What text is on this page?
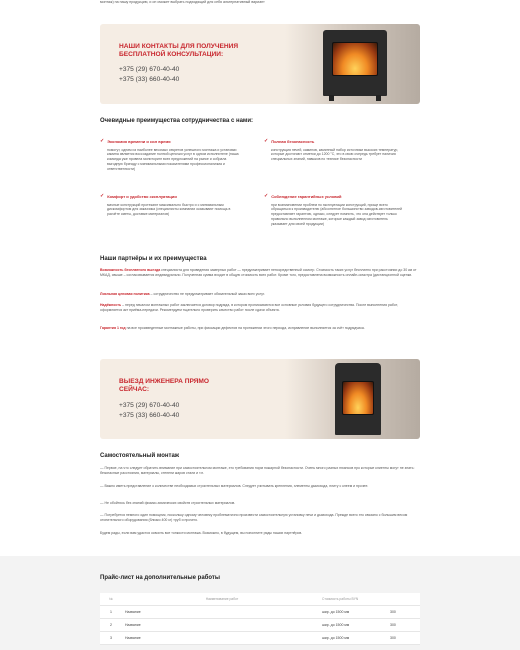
монтаж) на нашу продукцию, и он сможет выбрать подходящий для себя альтернативный вариант
НАШИ КОНТАКТЫ ДЛЯ ПОЛУЧЕНИЯ БЕСПЛАТНОЙ КОНСУЛЬТАЦИИ:
+375 (29) 670-40-40
+375 (33) 660-40-40
Очевидные преимущества сотрудничества с нами:
✓ Экономия времени и сил время
помогут, одним из наиболее весомых секретов успешного монтажа и установки камина является воссоздание полной цепочки услуг в одном исполнителе (наша команда уже провела мониторинг всех предложений на рынке и собрала выгодную бригаду с минимальными показателями профессионализма и ответственности)
✓ Полная безопасность
конструкция печей, каминов, каминный набор источники высоких температур, которые достигают отметки до 1200 °С, это в свою очередь требует наличия специальных знаний, навыков по технике безопасности
✓ Комфорт и удобство эксплуатации
мачные конструкций протекают максимально быстро и с минимальным дискомфортом для заказчика (специалисты компании оказывают помощь в расчёте сметы, доставке материалов)
✓ Соблюдение гарантийных условий
при возникновении проблем по эксплуатации конструкций, проще всего обращаться к производителю (абсолютное большинство заводов-изготовителей предоставляет гарантию, однако, следует помнить, что она действует только правильно выполненном монтаже, которые каждый завод изготовитель указывает для своей продукции)
Наши партнёры и их преимущества
Возможность бесплатного выезда специалиста для проведения замерных работ — предусматривает непосредственный осмотр. Стоимость таких услуг бесплатно при расстоянии до 30 км от МКАД, свыше – согласовывается индивидуально. Полученная сумма входит в общую стоимость всех работ. Кроме того, предоставлена возможность онлайн-осмотра (дистанционной оценки.
Лояльная ценовая политика – сотрудничество не предусматривает обязательный заказ всех услуг.
Надёжность – перед началом монтажных работ заключается договор подряда, в котором прописываются все основные условия будущего сотрудничества. После выполнения работ, оформляется акт приёма-передачи. Рекомендуем тщательно проверить качество работ после сдачи объекта.
Гарантия 1 год на все произведенные монтажные работы, при фиксации дефектов на протяжении этого периода, исправление выполняется за счёт подрядчика.
ВЫЕЗД ИНЖЕНЕРА ПРЯМО СЕЙЧАС:
+375 (29) 670-40-40
+375 (33) 660-40-40
Самостоятельный монтаж
— Первое, на что следует обратить внимание при самостоятельном монтаже, это требования норм пожарной безопасности. Очень много разных нюансов про которые клиенты могут не знать: безопасные расстояния, материалы, степени жаров стали и т.п.
— Важно иметь представление о количестве необходимых строительных материалов. Следует учитывать крепления, элементы дымохода, плиту с клеем и прочее.
— Не обойтись без знаний физико-химических свойств строительных материалов.
— Потребуется немного один помощник, поскольку одному человеку проблематично произвести самостоятельную установку печи и дымохода. Прежде всего это связано с большим весом отопительного оборудования (близко 400 кг) труб и прочего.
Будем рады, если вам удастся освоить все тонкости монтажа. Возможно, в будущем, вы пополните ряды наших партнёров.
Прайс-лист на дополнительные работы
№	Наименование работ	Стоимость работы BYN
1	Название	шир. до 1500 мм	300
2	Название	шир. до 1500 мм	300
3	Название	шир. до 1500 мм	300
